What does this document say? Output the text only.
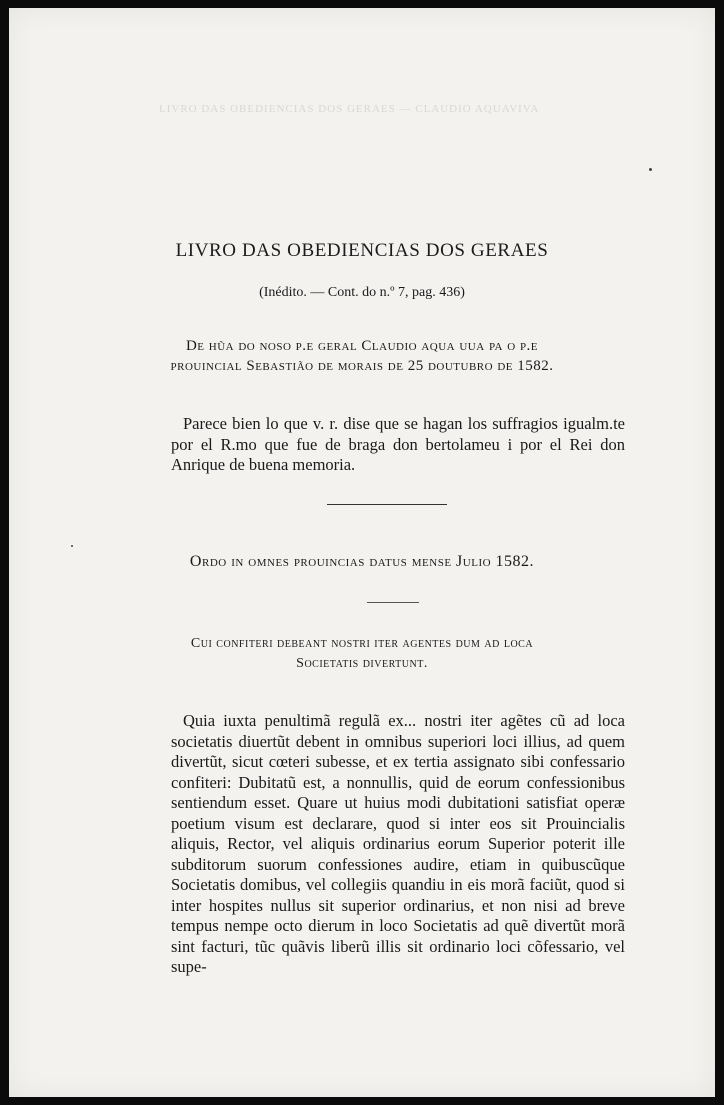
LIVRO DAS OBEDIENCIAS DOS GERAES — CLAUDIO AQUAVIVA
LIVRO DAS OBEDIENCIAS DOS GERAES
(Inédito. — Cont. do n.º 7, pag. 436)
De hũa do noso p.e geral Claudio aqua uua pa o p.e
prouincial Sebastião de morais de 25 doutubro de 1582.
Parece bien lo que v. r. dise que se hagan los suffragios igualm.te por el R.mo que fue de braga don bertolameu i por el Rei don Anrique de buena memoria.
Ordo in omnes prouincias datus mense Julio 1582.
Cui confiteri debeant nostri iter agentes dum ad loca
Societatis divertunt.
Quia iuxta penultimã regulã ex... nostri iter agẽtes cũ ad loca societatis diuertũt debent in omnibus superiori loci illius, ad quem divertũt, sicut cœteri subesse, et ex tertia assignato sibi confessario confiteri: Dubitatũ est, a nonnullis, quid de eorum confessionibus sentiendum esset. Quare ut huius modi dubitationi satisfiat operæ poetium visum est declarare, quod si inter eos sit Prouincialis aliquis, Rector, vel aliquis ordinarius eorum Superior poterit ille subditorum suorum confessiones audire, etiam in quibuscũque Societatis domibus, vel collegiis quandiu in eis morã faciũt, quod si inter hospites nullus sit superior ordinarius, et non nisi ad breve tempus nempe octo dierum in loco Societatis ad quẽ divertũt morã sint facturi, tũc quãvis liberũ illis sit ordinario loci cõfessario, vel supe-
